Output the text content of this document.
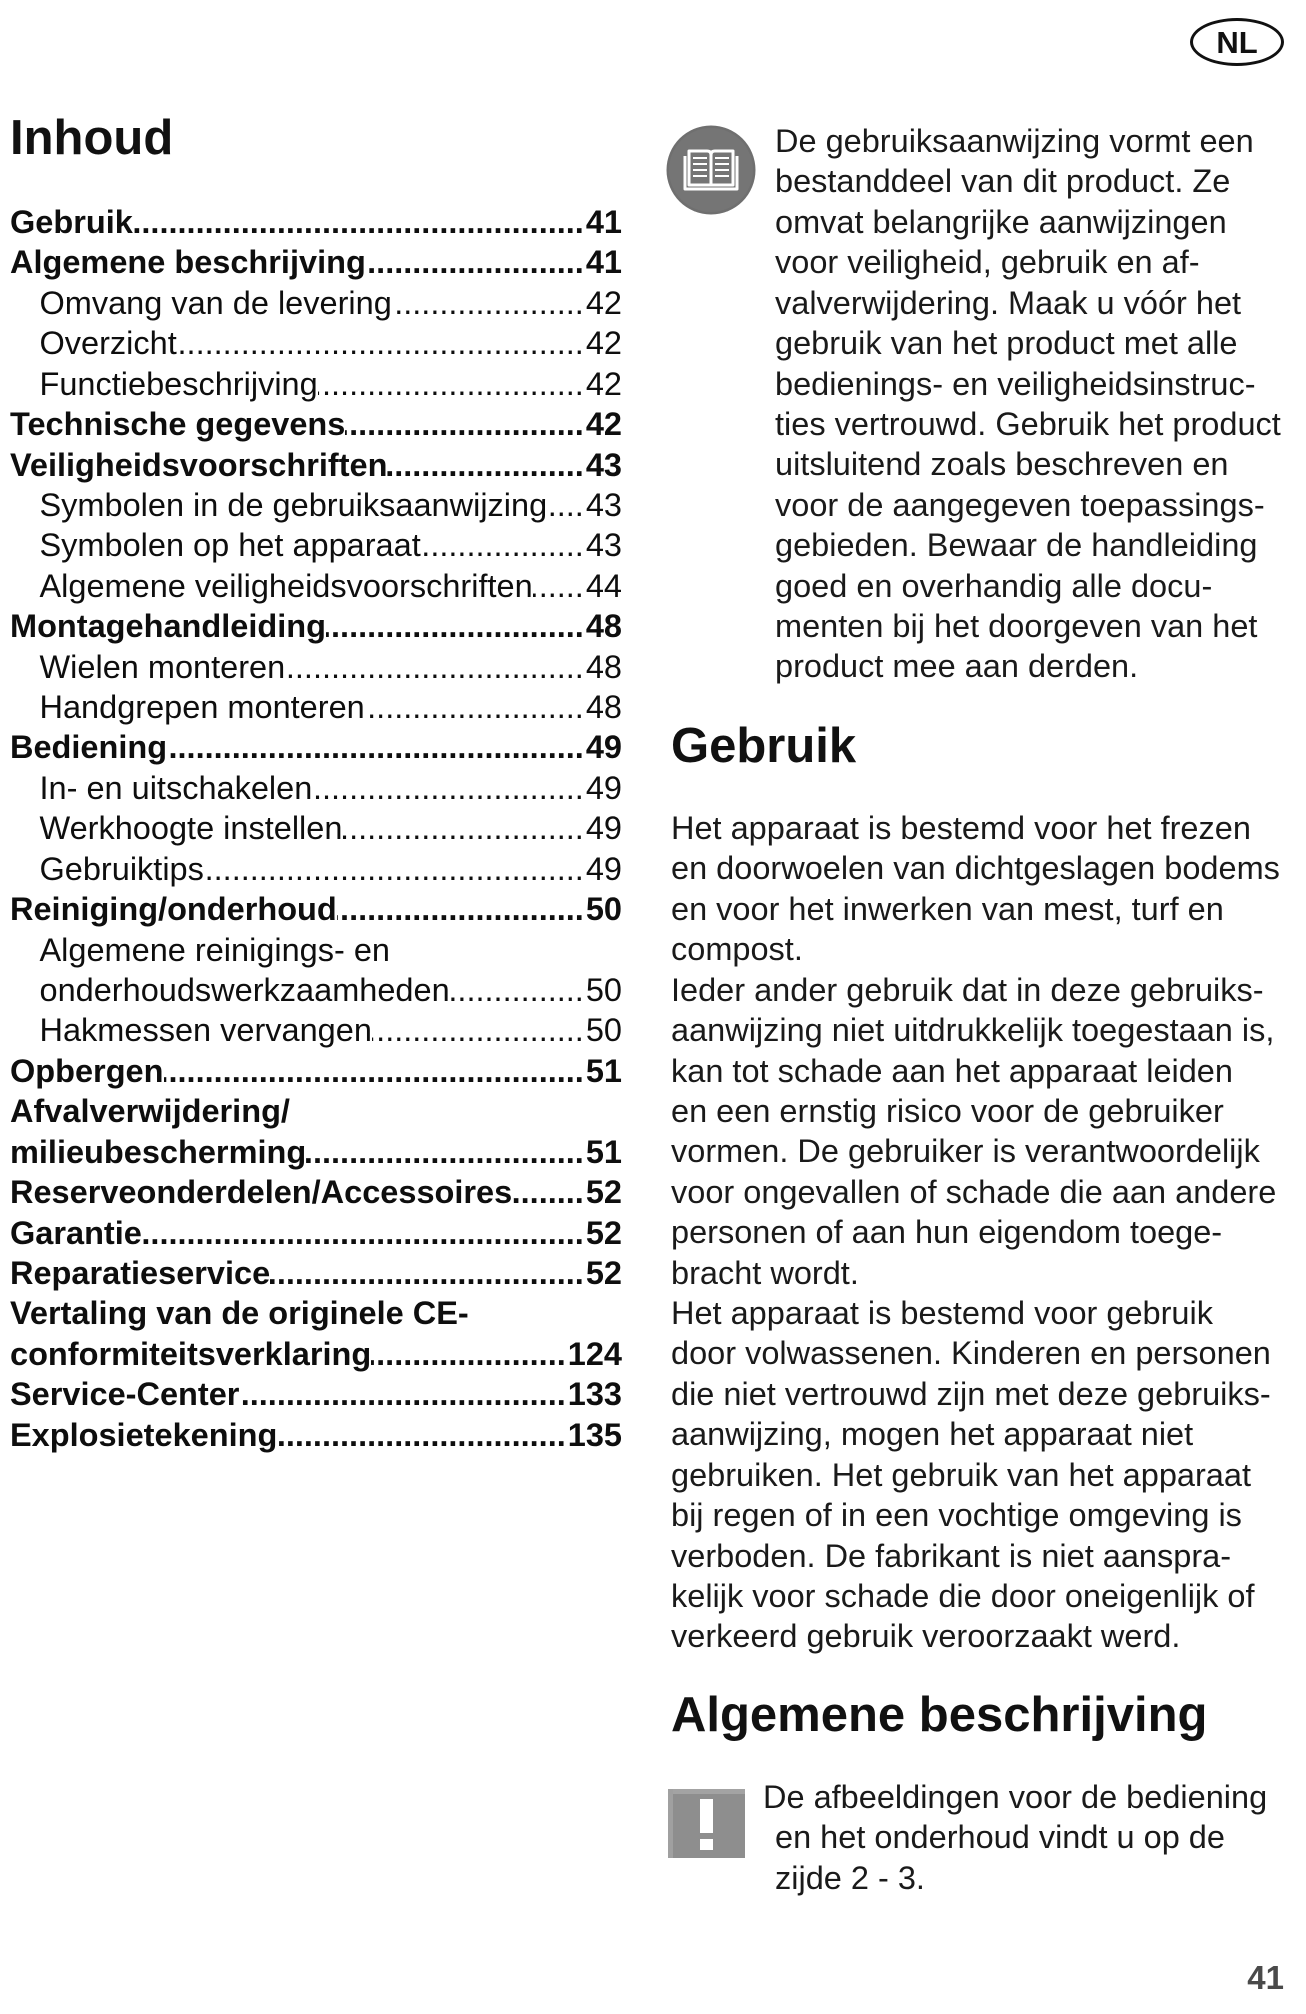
NL
Inhoud
Gebruik .....	41
Algemene beschrijving .....	41
Omvang van de levering .....	42
Overzicht .....	42
Functiebeschrijving .....	42
Technische gegevens .....	42
Veiligheidsvoorschriften .....	43
Symbolen in de gebruiksaanwijzing ..... 43
Symbolen op het apparaat .....	43
Algemene veiligheidsvoorschriften ..... 44
Montagehandleiding .....	48
Wielen monteren .....	48
Handgrepen monteren .....	48
Bediening .....	49
In- en uitschakelen .....	49
Werkhoogte instellen .....	49
Gebruiktips .....	49
Reiniging/onderhoud .....	50
Algemene reinigings- en
onderhoudswerkzaamheden .....	50
Hakmessen vervangen .....	50
Opbergen .....	51
Afvalverwijdering/
milieubescherming .....	51
Reserveonderdelen/Accessoires ..... 52
Garantie .....	52
Reparatieservice .....	52
Vertaling van de originele CE-
conformiteitsverklaring .....	124
Service-Center .....	133
Explosietekening .....	135
De gebruiksaanwijzing vormt een
bestanddeel van dit product. Ze
omvat belangrijke aanwijzingen
voor veiligheid, gebruik en af-
valverwijdering. Maak u vóór het
gebruik van het product met alle
bedienings- en veiligheidsinstruc-
ties vertrouwd. Gebruik het product
uitsluitend zoals beschreven en
voor de aangegeven toepassings-
gebieden. Bewaar de handleiding
goed en overhandig alle docu-
menten bij het doorgeven van het
product mee aan derden.
Gebruik
Het apparaat is bestemd voor het frezen
en doorwoelen van dichtgeslagen bodems
en voor het inwerken van mest, turf en
compost.
Ieder ander gebruik dat in deze gebruiks-
aanwijzing niet uitdrukkelijk toegestaan is,
kan tot schade aan het apparaat leiden
en een ernstig risico voor de gebruiker
vormen. De gebruiker is verantwoordelijk
voor ongevallen of schade die aan andere
personen of aan hun eigendom toege-
bracht wordt.
Het apparaat is bestemd voor gebruik
door volwassenen. Kinderen en personen
die niet vertrouwd zijn met deze gebruiks-
aanwijzing, mogen het apparaat niet
gebruiken. Het gebruik van het apparaat
bij regen of in een vochtige omgeving is
verboden. De fabrikant is niet aanspra-
kelijk voor schade die door oneigenlijk of
verkeerd gebruik veroorzaakt werd.
Algemene beschrijving
De afbeeldingen voor de bediening
en het onderhoud vindt u op de
zijde 2 - 3.
41
